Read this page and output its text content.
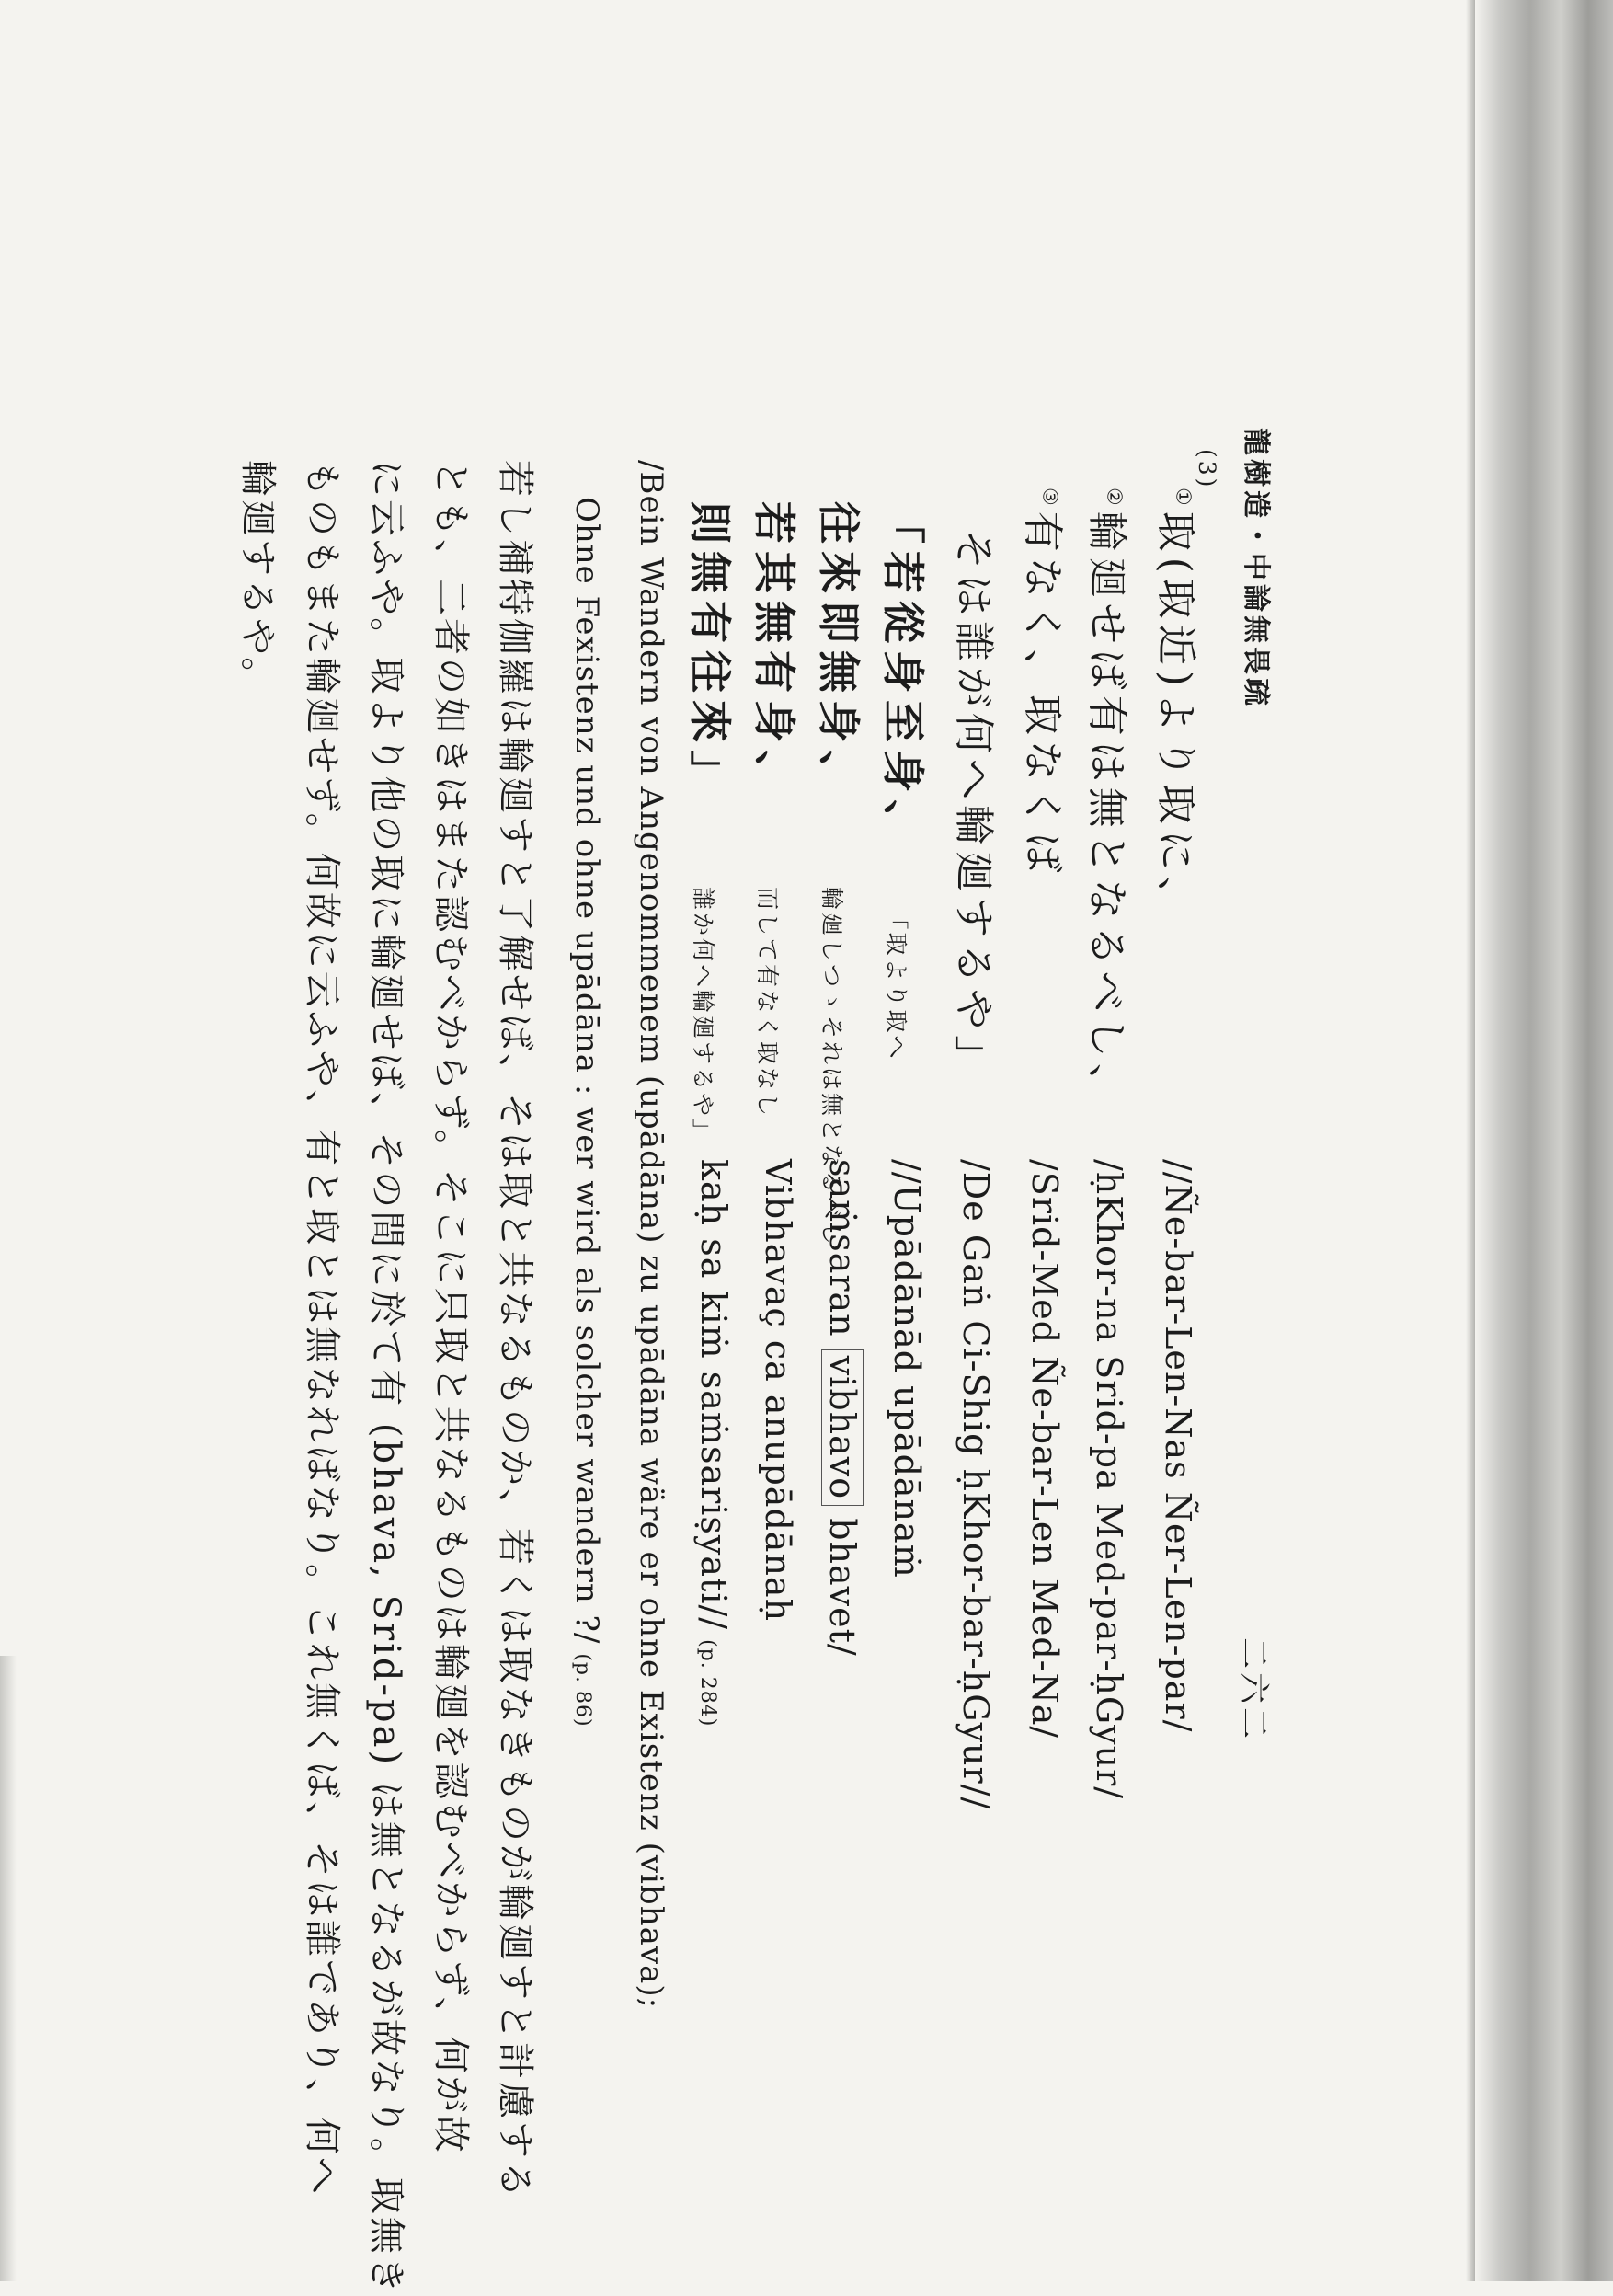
龍樹造・中論無畏疏
二六二
(3)
①取(取近)より取に、
②輪廻せば有は無となるべし、
③有なく、取なくば
そは誰が何へ輪廻するや」
//Ñe-bar-Len-Nas Ñer-Len-par/
/ḥKhor-na Srid-pa Med-par-ḥGyur/
/Srid-Med Ñe-bar-Len Med-Na/
/De Gaṅ Ci-Shig ḥKhor-bar-ḥGyur//
「若從身至身、「取より取へ
往來即無身、輪廻しつゝそれは無となるべし
若其無有身、而して有なく取なし
則無有往來」誰か何へ輪廻するや」
//Upādānād upādānaṁ
saṁsaran vibhavo bhavet/
Vibhavaç ca anupādānaḥ
kaḥ sa kiṁ saṁsariṣyati//(p. 284)
/Bein Wandern von Angenommenem (upādāna) zu upādāna wäre er ohne Existenz (vibhava);
Ohne Fexistenz und ohne upādāna : wer wird als solcher wandern ?/(p. 86)
若し補特伽羅は輪廻すと了解せば、そは取と共なるものか、若くは取なきものが輪廻すと計慮する
とも、二者の如きはまた認むべからず。そこに只取と共なるものは輪廻を認むべからず、何が故
に云ふや。取より他の取に輪廻せば、その間に於て有 (bhava, Srid-pa) は無となるが故なり。取無き
ものもまた輪廻せず。何故に云ふや、有と取とは無なればなり。これ無くば、そは誰であり、何へ
輪廻するや。
